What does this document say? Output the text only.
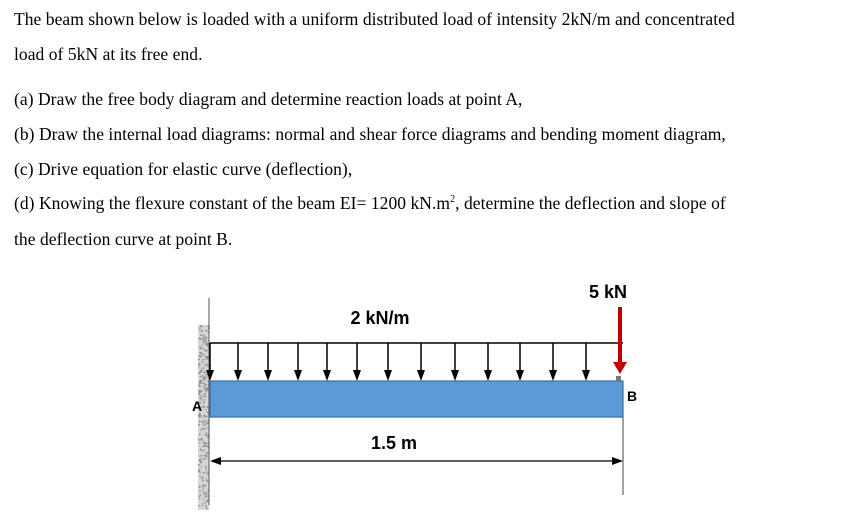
The beam shown below is loaded with a uniform distributed load of intensity 2kN/m and concentrated
load of 5kN at its free end.
(a) Draw the free body diagram and determine reaction loads at point A,
(b) Draw the internal load diagrams: normal and shear force diagrams and bending moment diagram,
(c) Drive equation for elastic curve (deflection),
(d) Knowing the flexure constant of the beam EI= 1200 $kN.m^2$, determine the deflection and slope of
the deflection curve at point B.
2 kN/m
5 kN
1.5 m
A
B
